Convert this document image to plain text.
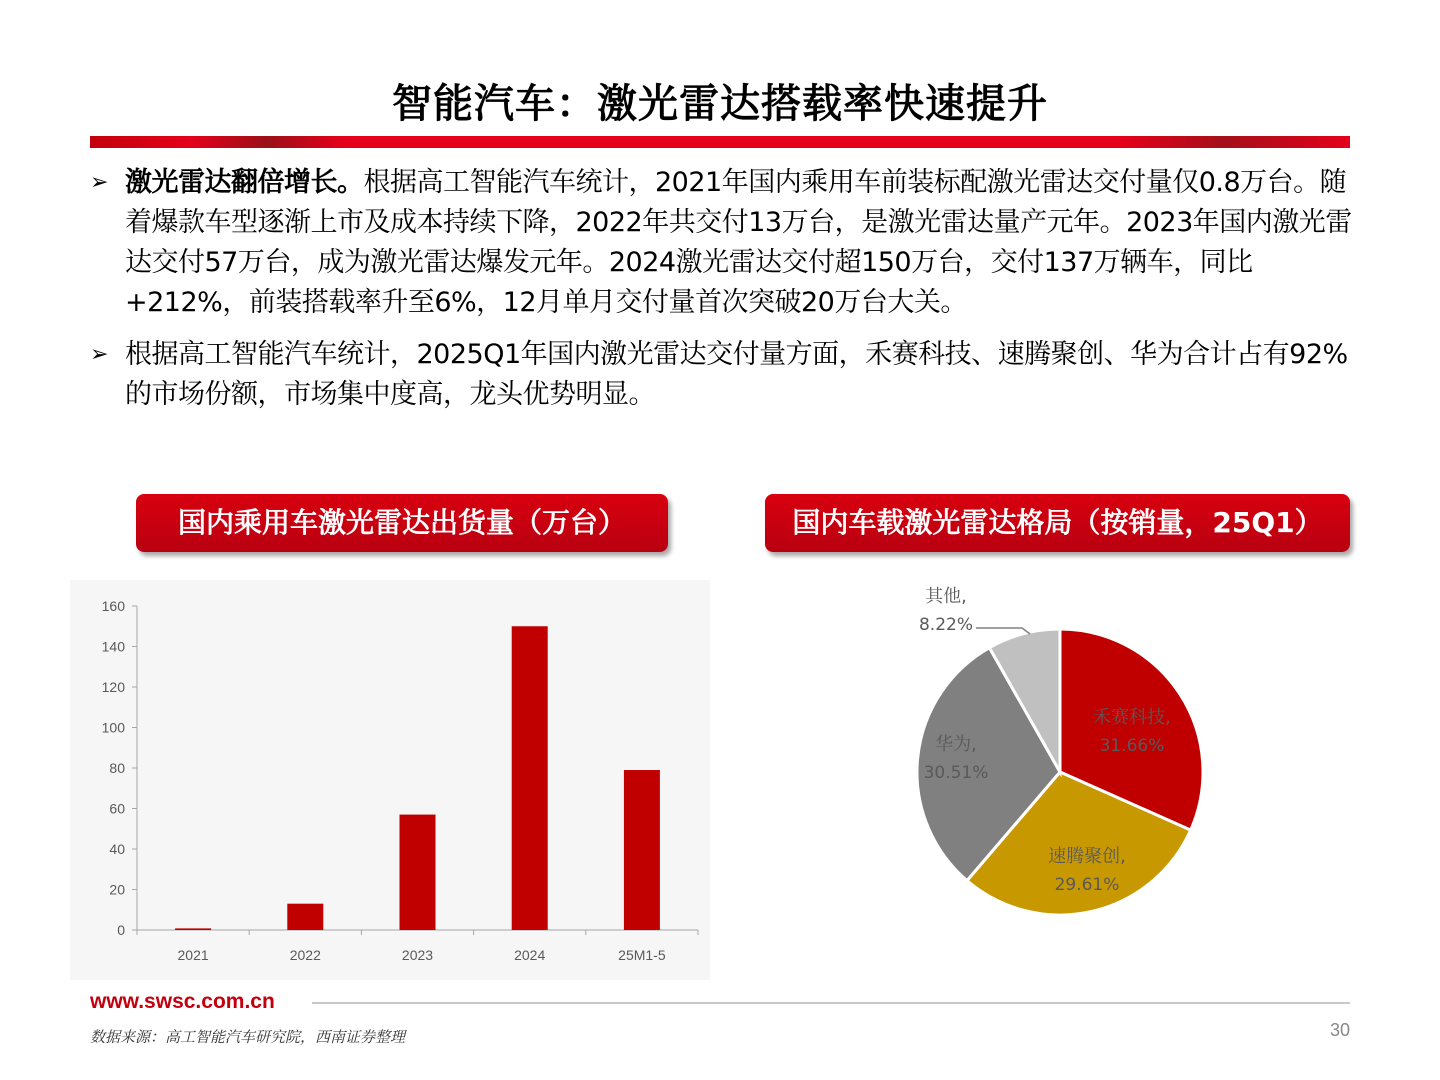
智能汽车：激光雷达搭载率快速提升
➢ 激光雷达翻倍增长。根据高工智能汽车统计，2021年国内乘用车前装标配激光雷达交付量仅0.8万台。随着爆款车型逐渐上市及成本持续下降，2022年共交付13万台，是激光雷达量产元年。2023年国内激光雷达交付57万台，成为激光雷达爆发元年。2024激光雷达交付超150万台，交付137万辆车，同比+212%，前装搭载率升至6%，12月单月交付量首次突破20万台大关。
➢ 根据高工智能汽车统计，2025Q1年国内激光雷达交付量方面，禾赛科技、速腾聚创、华为合计占有92%的市场份额，市场集中度高，龙头优势明显。
国内乘用车激光雷达出货量（万台）	国内车载激光雷达格局（按销量，25Q1）
0
20
40
60
80
100
120
140
160
2021	2022	2023	2024	25M1-5
禾赛科技,
31.66%
速腾聚创,
29.61%
华为,
30.51%
其他,
8.22%
www.swsc.com.cn
数据来源：高工智能汽车研究院，西南证券整理	30
